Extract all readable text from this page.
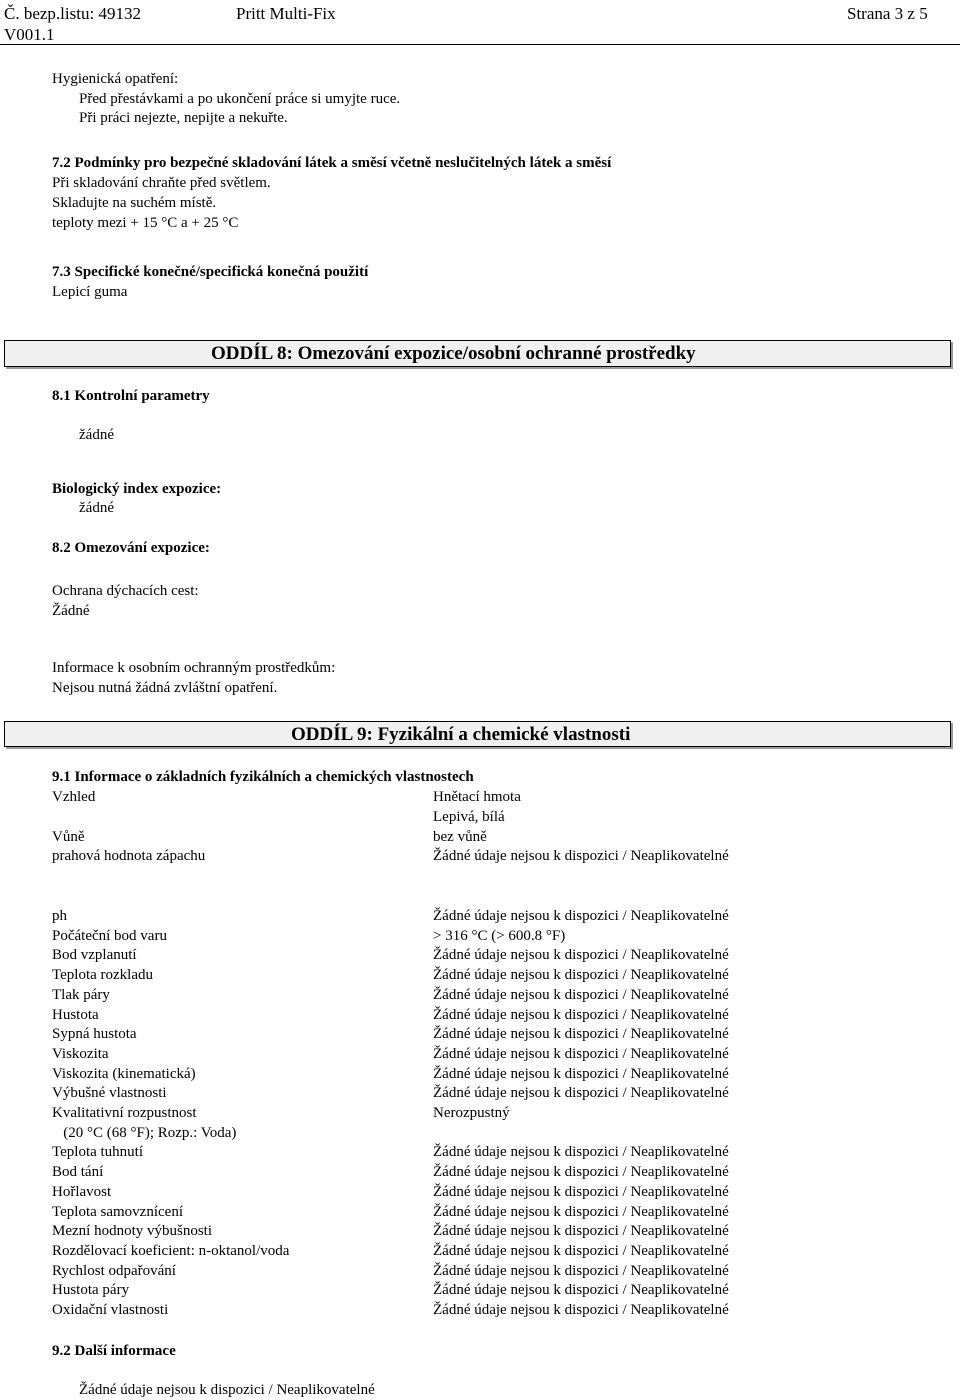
Č. bezp.listu: 49132
V001.1
Pritt Multi-Fix	Strana 3 z 5
Hygienická opatření:
Před přestávkami a po ukončení práce si umyjte ruce.
Při práci nejezte, nepijte a nekuřte.
7.2 Podmínky pro bezpečné skladování látek a směsí včetně neslučitelných látek a směsí
Při skladování chraňte před světlem.
Skladujte na suchém místě.
teploty mezi + 15 °C a + 25 °C
7.3 Specifické konečné/specifická konečná použití
Lepicí guma
ODDÍL 8: Omezování expozice/osobní ochranné prostředky
8.1 Kontrolní parametry
žádné
Biologický index expozice:
žádné
8.2 Omezování expozice:
Ochrana dýchacích cest:
Žádné
Informace k osobním ochranným prostředkům:
Nejsou nutná žádná zvláštní opatření.
ODDÍL 9: Fyzikální a chemické vlastnosti
9.1 Informace o základních fyzikálních a chemických vlastnostech
Vzhled	Hnětací hmota
Lepivá, bílá
Vůně	bez vůně
prahová hodnota zápachu	Žádné údaje nejsou k dispozici / Neaplikovatelné
ph	Žádné údaje nejsou k dispozici / Neaplikovatelné
Počáteční bod varu	> 316 °C (> 600.8 °F)
Bod vzplanutí	Žádné údaje nejsou k dispozici / Neaplikovatelné
Teplota rozkladu	Žádné údaje nejsou k dispozici / Neaplikovatelné
Tlak páry	Žádné údaje nejsou k dispozici / Neaplikovatelné
Hustota	Žádné údaje nejsou k dispozici / Neaplikovatelné
Sypná hustota	Žádné údaje nejsou k dispozici / Neaplikovatelné
Viskozita	Žádné údaje nejsou k dispozici / Neaplikovatelné
Viskozita (kinematická)	Žádné údaje nejsou k dispozici / Neaplikovatelné
Výbušné vlastnosti	Žádné údaje nejsou k dispozici / Neaplikovatelné
Kvalitativní rozpustnost	Nerozpustný
(20 °C (68 °F); Rozp.: Voda)
Teplota tuhnutí	Žádné údaje nejsou k dispozici / Neaplikovatelné
Bod tání	Žádné údaje nejsou k dispozici / Neaplikovatelné
Hořlavost	Žádné údaje nejsou k dispozici / Neaplikovatelné
Teplota samovznícení	Žádné údaje nejsou k dispozici / Neaplikovatelné
Mezní hodnoty výbušnosti	Žádné údaje nejsou k dispozici / Neaplikovatelné
Rozdělovací koeficient: n-oktanol/voda	Žádné údaje nejsou k dispozici / Neaplikovatelné
Rychlost odpařování	Žádné údaje nejsou k dispozici / Neaplikovatelné
Hustota páry	Žádné údaje nejsou k dispozici / Neaplikovatelné
Oxidační vlastnosti	Žádné údaje nejsou k dispozici / Neaplikovatelné
9.2 Další informace
Žádné údaje nejsou k dispozici / Neaplikovatelné
